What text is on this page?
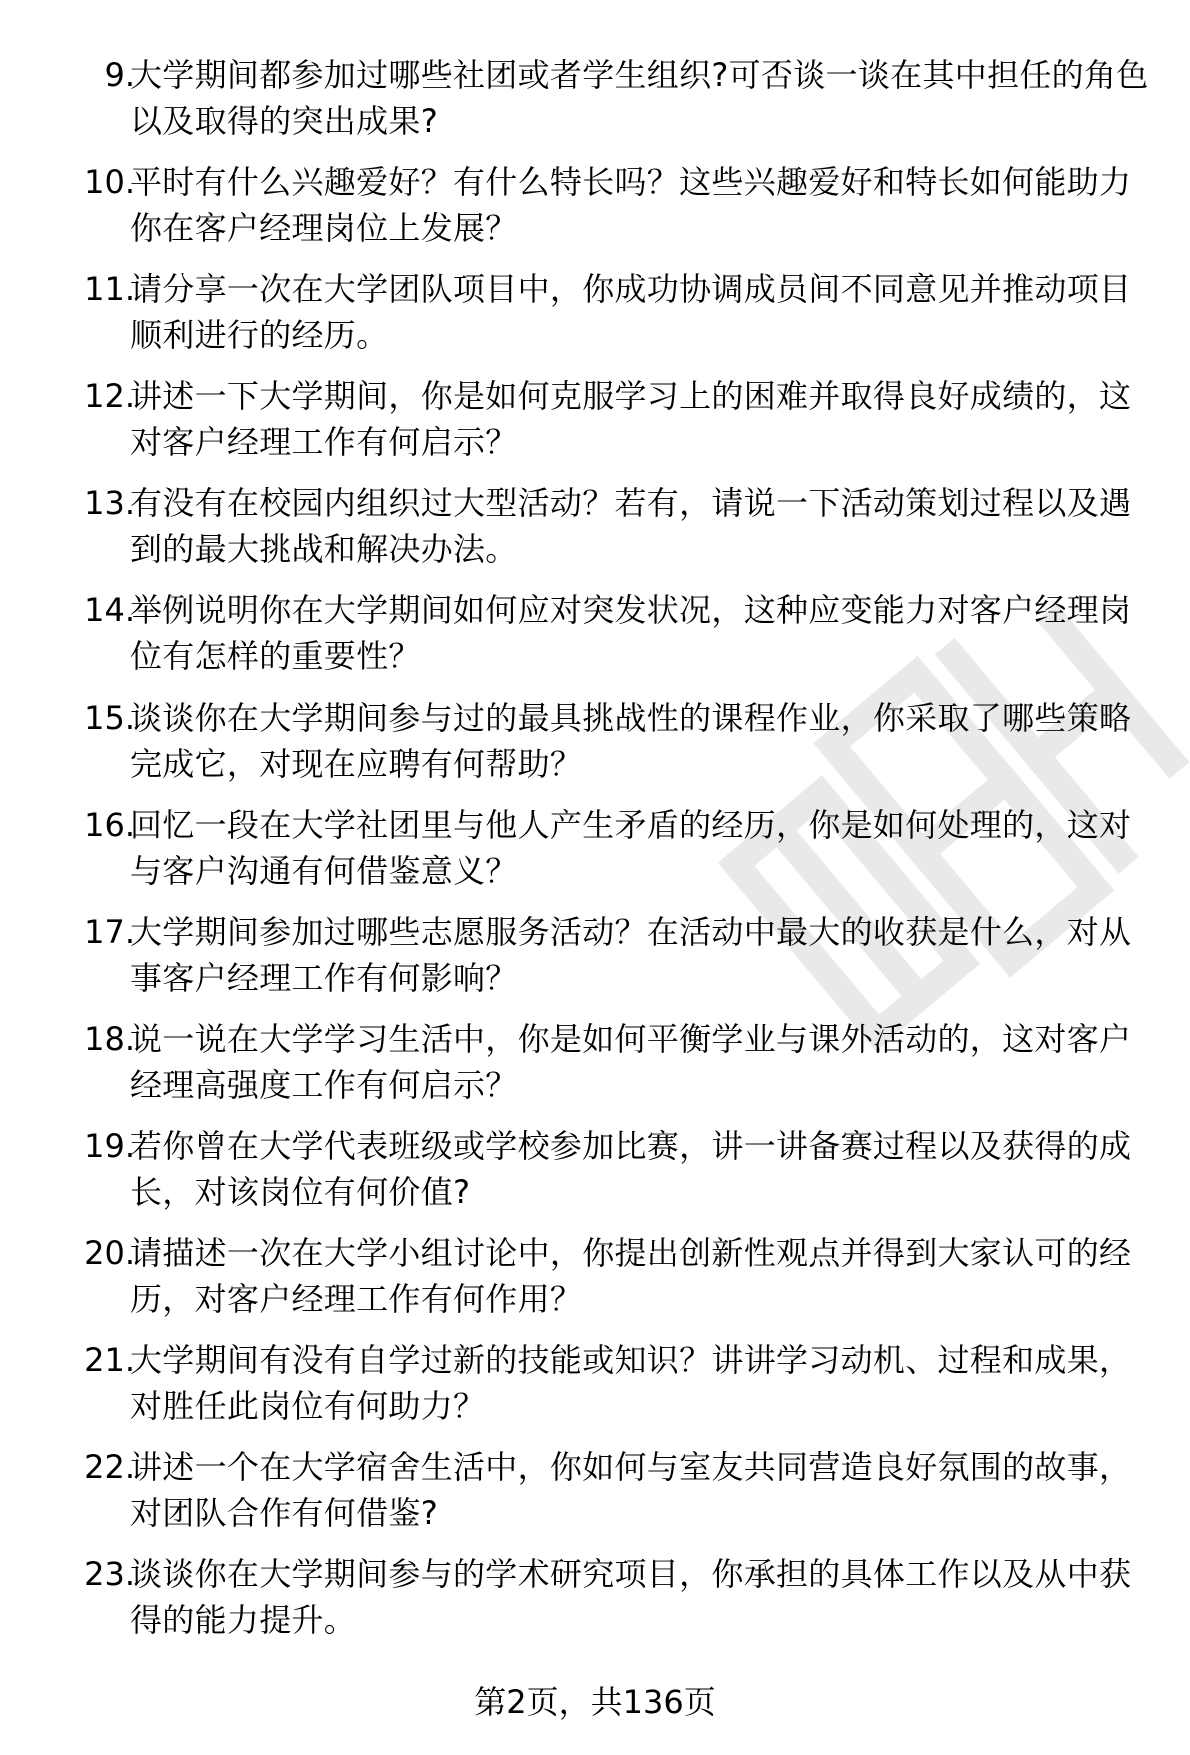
9.
大学期间都参加过哪些社团或者学生组织?可否谈一谈在其中担任的角色以及取得的突出成果?
10.
平时有什么兴趣爱好？有什么特长吗？这些兴趣爱好和特长如何能助力你在客户经理岗位上发展？
11.
请分享一次在大学团队项目中，你成功协调成员间不同意见并推动项目顺利进行的经历。
12.
讲述一下大学期间，你是如何克服学习上的困难并取得良好成绩的，这对客户经理工作有何启示？
13.
有没有在校园内组织过大型活动？若有，请说一下活动策划过程以及遇到的最大挑战和解决办法。
14.
举例说明你在大学期间如何应对突发状况，这种应变能力对客户经理岗位有怎样的重要性？
15.
谈谈你在大学期间参与过的最具挑战性的课程作业，你采取了哪些策略完成它，对现在应聘有何帮助？
16.
回忆一段在大学社团里与他人产生矛盾的经历，你是如何处理的，这对与客户沟通有何借鉴意义？
17.
大学期间参加过哪些志愿服务活动？在活动中最大的收获是什么，对从事客户经理工作有何影响？
18.
说一说在大学学习生活中，你是如何平衡学业与课外活动的，这对客户经理高强度工作有何启示？
19.
若你曾在大学代表班级或学校参加比赛，讲一讲备赛过程以及获得的成长，对该岗位有何价值?
20.
请描述一次在大学小组讨论中，你提出创新性观点并得到大家认可的经历，对客户经理工作有何作用？
21.
大学期间有没有自学过新的技能或知识？讲讲学习动机、过程和成果，对胜任此岗位有何助力？
22.
讲述一个在大学宿舍生活中，你如何与室友共同营造良好氛围的故事，对团队合作有何借鉴?
23.
谈谈你在大学期间参与的学术研究项目，你承担的具体工作以及从中获得的能力提升。
第2页，共136页
